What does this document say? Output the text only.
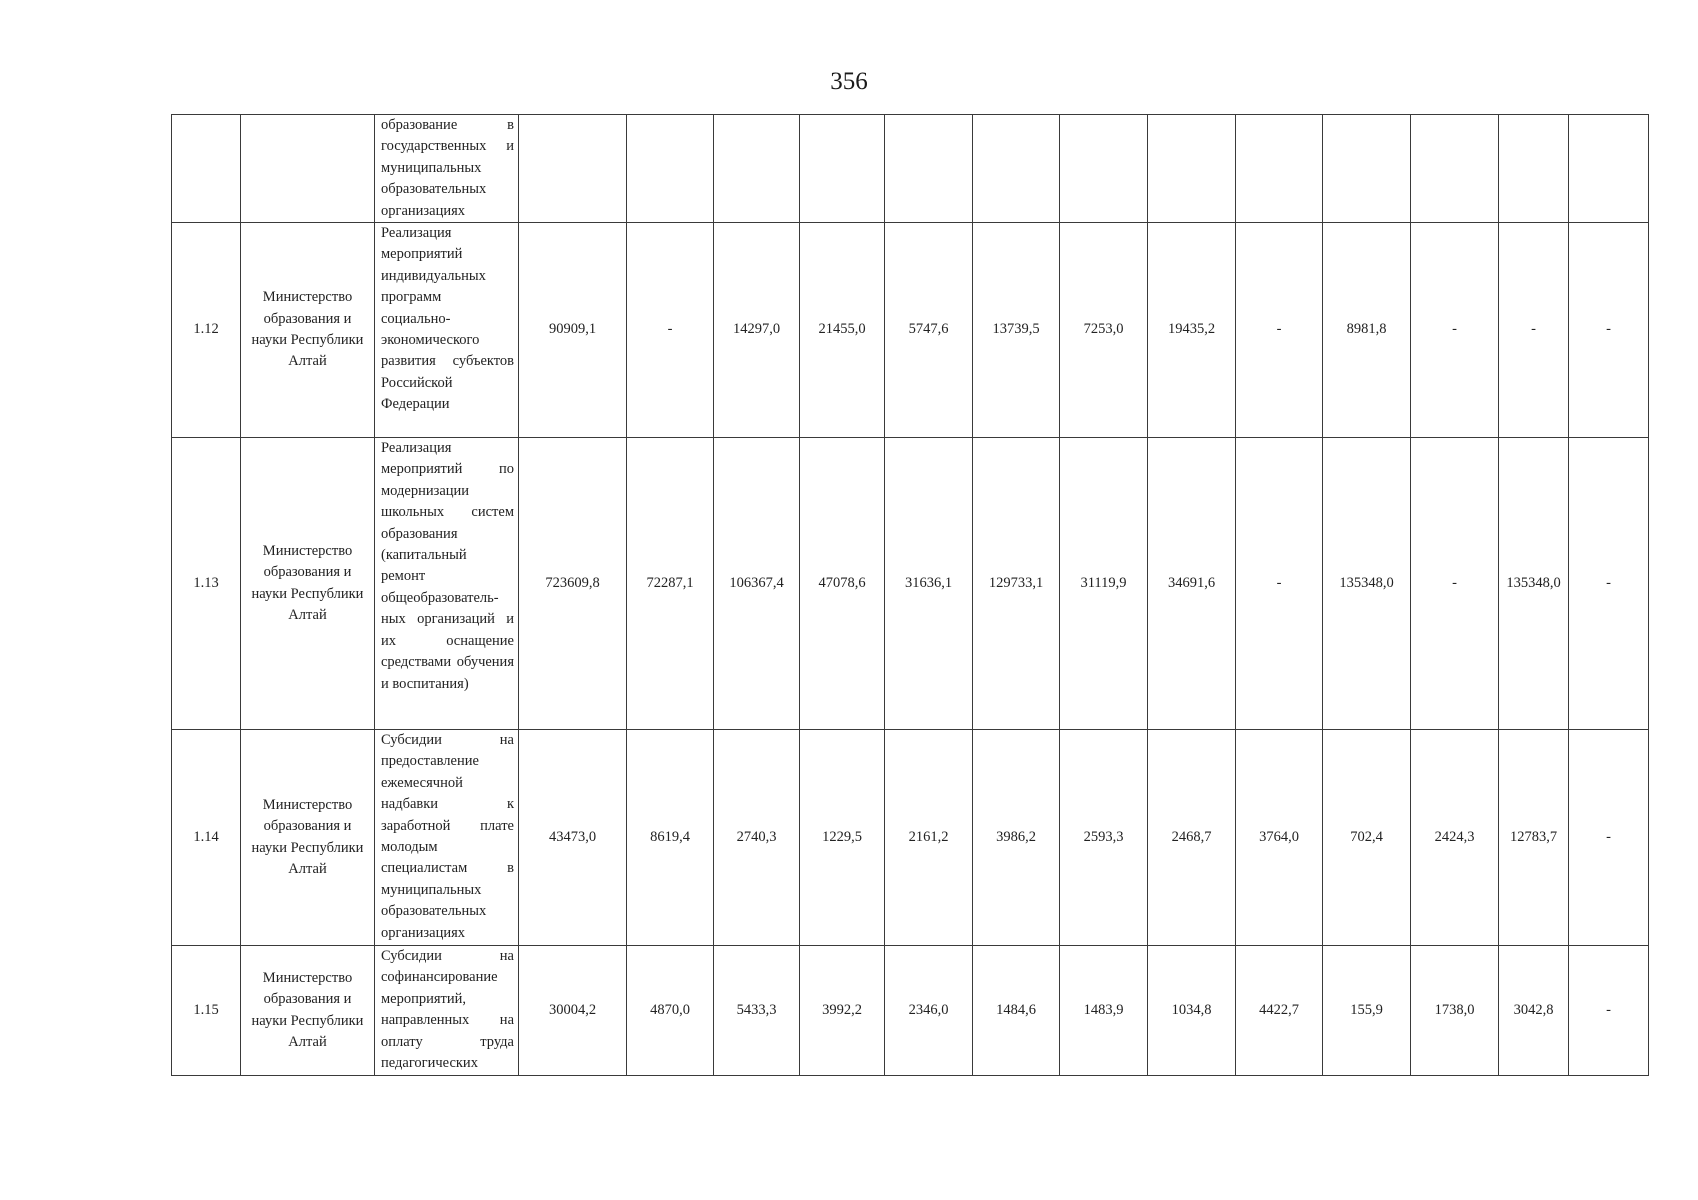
356
		образование в государственных и муниципальных образовательных организациях													
1.12	Министерство образования и науки Республики Алтай	Реализация мероприятий индивидуальных программ социально-экономического развития субъектов Российской Федерации	90909,1	-	14297,0	21455,0	5747,6	13739,5	7253,0	19435,2	-	8981,8	-	-	-
1.13	Министерство образования и науки Республики Алтай	Реализация мероприятий по модернизации школьных систем образования (капитальный ремонт общеобразователь-ных организаций и их оснащение средствами обучения и воспитания)	723609,8	72287,1	106367,4	47078,6	31636,1	129733,1	31119,9	34691,6	-	135348,0	-	135348,0	-
1.14	Министерство образования и науки Республики Алтай	Субсидии на предоставление ежемесячной надбавки к заработной плате молодым специалистам в муниципальных образовательных организациях	43473,0	8619,4	2740,3	1229,5	2161,2	3986,2	2593,3	2468,7	3764,0	702,4	2424,3	12783,7	-
1.15	Министерство образования и науки Республики Алтай	Субсидии на софинансирование мероприятий, направленных на оплату труда педагогических	30004,2	4870,0	5433,3	3992,2	2346,0	1484,6	1483,9	1034,8	4422,7	155,9	1738,0	3042,8	-
